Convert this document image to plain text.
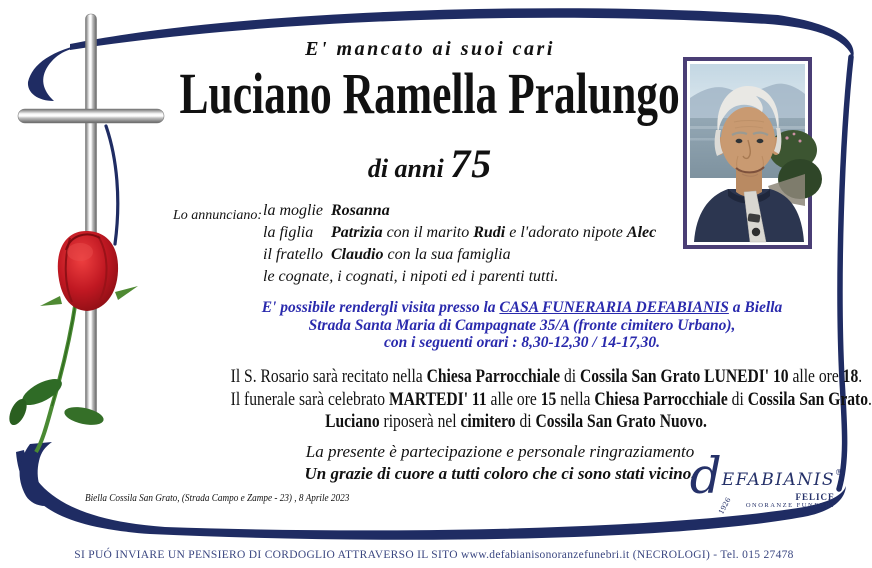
E' mancato ai suoi cari
Luciano Ramella Pralungo
di anni 75
Lo annunciano: la moglie Rosanna
la figlia	Patrizia con il marito Rudi e l'adorato nipote Alec
il fratello Claudio con la sua famiglia
le cognate, i cognati, i nipoti ed i parenti tutti.
E' possibile rendergli visita presso la CASA FUNERARIA DEFABIANIS a Biella
Strada Santa Maria di Campagnate 35/A (fronte cimitero Urbano),
con i seguenti orari : 8,30-12,30 / 14-17,30.
Il S. Rosario sarà recitato nella Chiesa Parrocchiale di Cossila San Grato LUNEDI' 10 alle ore 18.
Il funerale sarà celebrato MARTEDI' 11 alle ore 15 nella Chiesa Parrocchiale di Cossila San Grato.
Luciano riposerà nel cimitero di Cossila San Grato Nuovo.
La presente è partecipazione e personale ringraziamento
Un grazie di cuore a tutti coloro che ci sono stati vicino.
Biella Cossila San Grato, (Strada Campo e Zampe - 23) , 8 Aprile 2023	dEFABIANIS®
1926	FELICE
ONORANZE FUNEBRI
SI PUÓ INVIARE UN PENSIERO DI CORDOGLIO ATTRAVERSO IL SITO www.defabianisonoranzefunebri.it (NECROLOGI) - Tel. 015 27478
